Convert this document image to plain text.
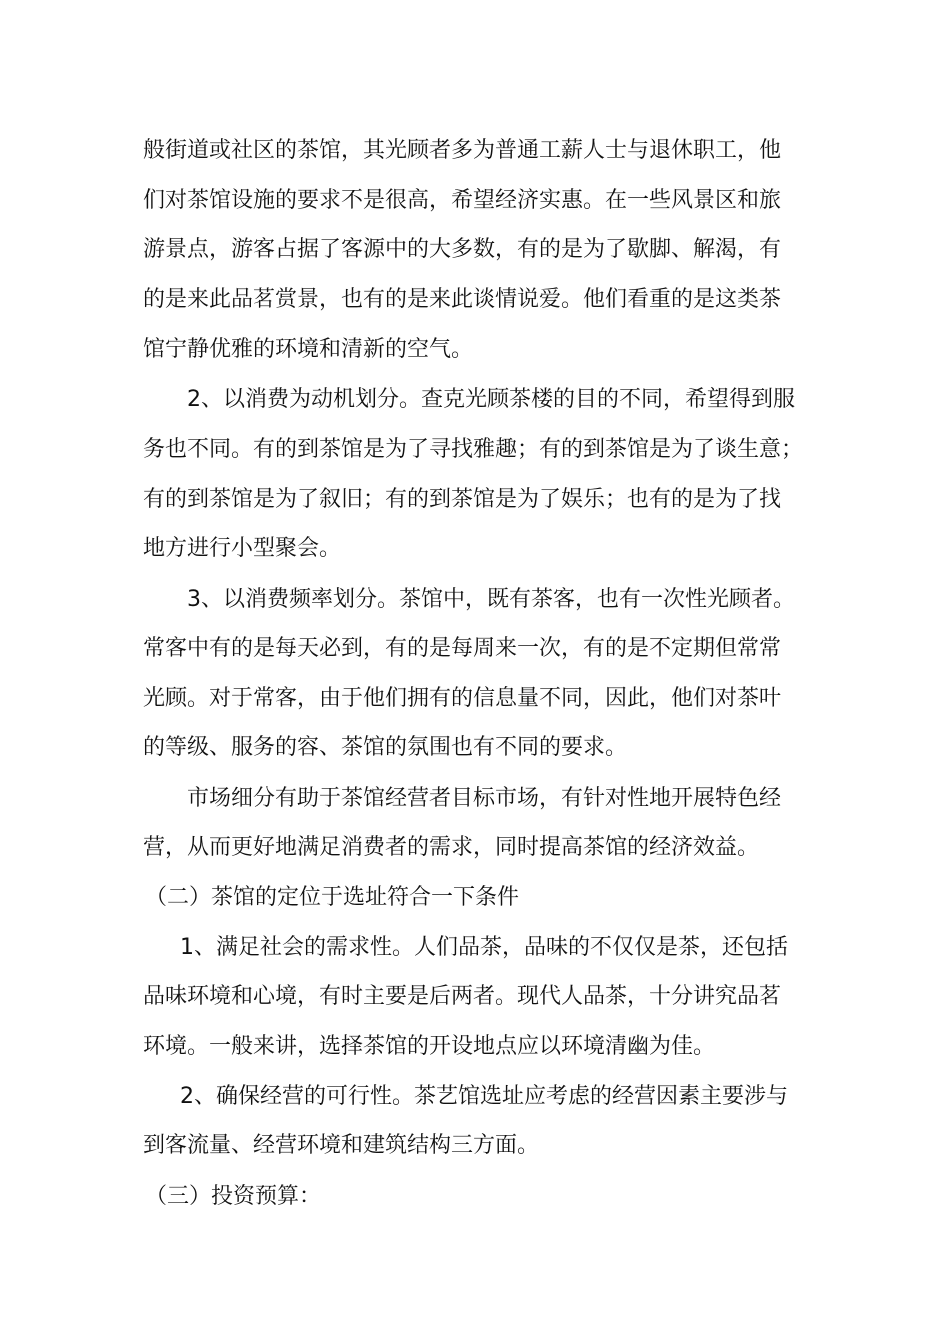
般街道或社区的茶馆，其光顾者多为普通工薪人士与退休职工，他
们对茶馆设施的要求不是很高，希望经济实惠。在一些风景区和旅
游景点，游客占据了客源中的大多数，有的是为了歇脚、解渴，有
的是来此品茗赏景，也有的是来此谈情说爱。他们看重的是这类茶
馆宁静优雅的环境和清新的空气。
2、以消费为动机划分。查克光顾茶楼的目的不同，希望得到服
务也不同。有的到茶馆是为了寻找雅趣；有的到茶馆是为了谈生意；
有的到茶馆是为了叙旧；有的到茶馆是为了娱乐；也有的是为了找
地方进行小型聚会。
3、以消费频率划分。茶馆中，既有茶客，也有一次性光顾者。
常客中有的是每天必到，有的是每周来一次，有的是不定期但常常
光顾。对于常客，由于他们拥有的信息量不同，因此，他们对茶叶
的等级、服务的容、茶馆的氛围也有不同的要求。
市场细分有助于茶馆经营者目标市场，有针对性地开展特色经
营，从而更好地满足消费者的需求，同时提高茶馆的经济效益。
（二）茶馆的定位于选址符合一下条件
1、满足社会的需求性。人们品茶，品味的不仅仅是茶，还包括
品味环境和心境，有时主要是后两者。现代人品茶，十分讲究品茗
环境。一般来讲，选择茶馆的开设地点应以环境清幽为佳。
2、确保经营的可行性。茶艺馆选址应考虑的经营因素主要涉与
到客流量、经营环境和建筑结构三方面。
（三）投资预算：
